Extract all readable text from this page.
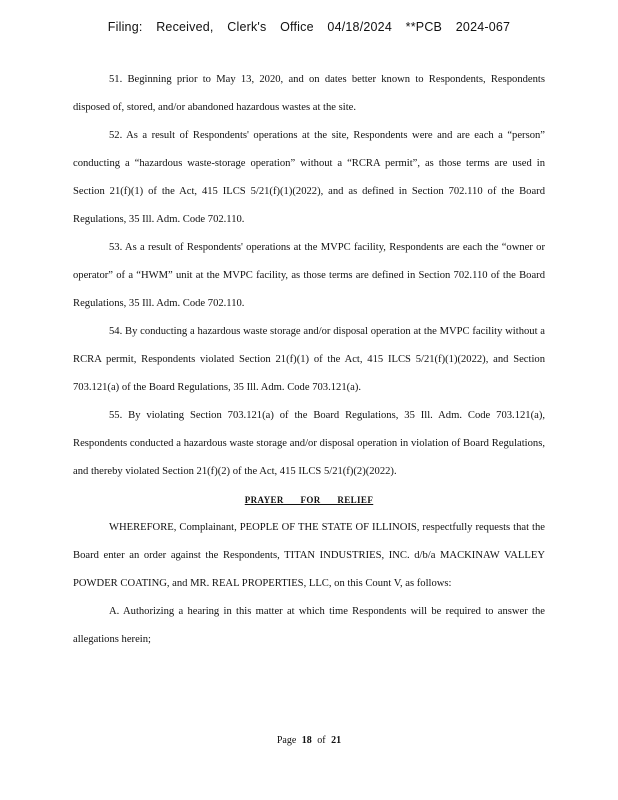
Filing: Received, Clerk's Office 04/18/2024 **PCB 2024-067

51. Beginning prior to May 13, 2020, and on dates better known to Respondents, Respondents disposed of, stored, and/or abandoned hazardous wastes at the site.

52. As a result of Respondents' operations at the site, Respondents were and are each a “person” conducting a “hazardous waste-storage operation” without a “RCRA permit”, as those terms are used in Section 21(f)(1) of the Act, 415 ILCS 5/21(f)(1)(2022), and as defined in Section 702.110 of the Board Regulations, 35 Ill. Adm. Code 702.110.

53. As a result of Respondents' operations at the MVPC facility, Respondents are each the “owner or operator” of a “HWM” unit at the MVPC facility, as those terms are defined in Section 702.110 of the Board Regulations, 35 Ill. Adm. Code 702.110.

54. By conducting a hazardous waste storage and/or disposal operation at the MVPC facility without a RCRA permit, Respondents violated Section 21(f)(1) of the Act, 415 ILCS 5/21(f)(1)(2022), and Section 703.121(a) of the Board Regulations, 35 Ill. Adm. Code 703.121(a).

55. By violating Section 703.121(a) of the Board Regulations, 35 Ill. Adm. Code 703.121(a), Respondents conducted a hazardous waste storage and/or disposal operation in violation of Board Regulations, and thereby violated Section 21(f)(2) of the Act, 415 ILCS 5/21(f)(2)(2022).

PRAYER FOR RELIEF

WHEREFORE, Complainant, PEOPLE OF THE STATE OF ILLINOIS, respectfully requests that the Board enter an order against the Respondents, TITAN INDUSTRIES, INC. d/b/a MACKINAW VALLEY POWDER COATING, and MR. REAL PROPERTIES, LLC, on this Count V, as follows:

A. Authorizing a hearing in this matter at which time Respondents will be required to answer the allegations herein;

Page 18 of 21
